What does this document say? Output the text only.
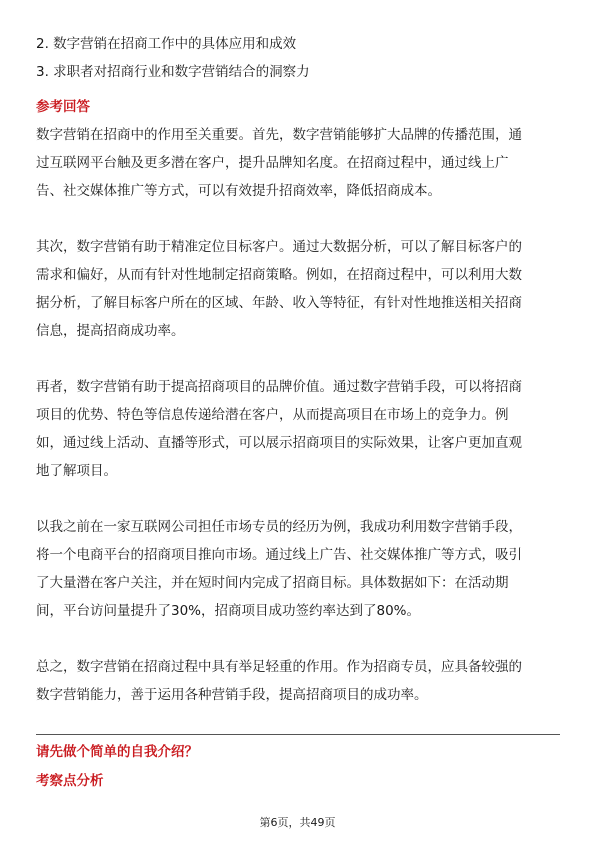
2. 数字营销在招商工作中的具体应用和成效
3. 求职者对招商行业和数字营销结合的洞察力
参考回答
数字营销在招商中的作用至关重要。首先，数字营销能够扩大品牌的传播范围，通
过互联网平台触及更多潜在客户，提升品牌知名度。在招商过程中，通过线上广
告、社交媒体推广等方式，可以有效提升招商效率，降低招商成本。
其次，数字营销有助于精准定位目标客户。通过大数据分析，可以了解目标客户的
需求和偏好，从而有针对性地制定招商策略。例如，在招商过程中，可以利用大数
据分析，了解目标客户所在的区域、年龄、收入等特征，有针对性地推送相关招商
信息，提高招商成功率。
再者，数字营销有助于提高招商项目的品牌价值。通过数字营销手段，可以将招商
项目的优势、特色等信息传递给潜在客户，从而提高项目在市场上的竞争力。例
如，通过线上活动、直播等形式，可以展示招商项目的实际效果，让客户更加直观
地了解项目。
以我之前在一家互联网公司担任市场专员的经历为例，我成功利用数字营销手段，
将一个电商平台的招商项目推向市场。通过线上广告、社交媒体推广等方式，吸引
了大量潜在客户关注，并在短时间内完成了招商目标。具体数据如下：在活动期
间，平台访问量提升了30%，招商项目成功签约率达到了80%。
总之，数字营销在招商过程中具有举足轻重的作用。作为招商专员，应具备较强的
数字营销能力，善于运用各种营销手段，提高招商项目的成功率。
请先做个简单的自我介绍？
考察点分析
第6页，共49页
